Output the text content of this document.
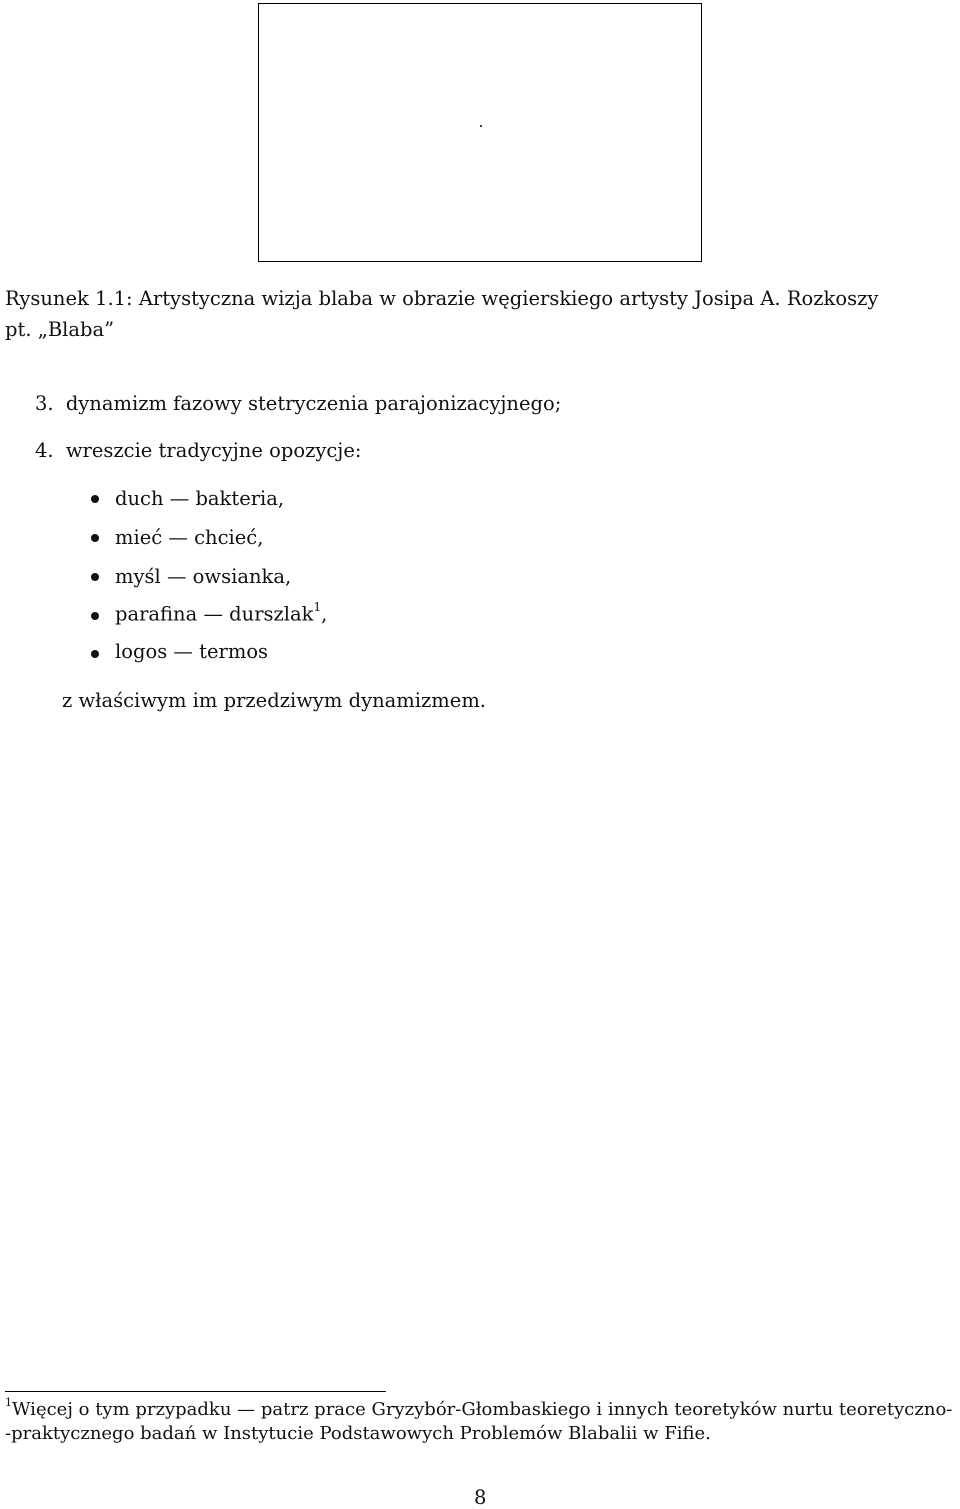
Rysunek 1.1: Artystyczna wizja blaba w obrazie węgierskiego artysty Josipa A. Rozkoszy
pt. „Blaba”
3. dynamizm fazowy stetryczenia parajonizacyjnego;
4. wreszcie tradycyjne opozycje:
duch — bakteria,
mieć — chcieć,
myśl — owsianka,
parafina — durszlak$^1$,
logos — termos
z właściwym im przedziwym dynamizmem.
$^1$Więcej o tym przypadku — patrz prace Gryzybór-Głombaskiego i innych teoretyków nurtu teoretyczno-
-praktycznego badań w Instytucie Podstawowych Problemów Blabalii w Fifie.
8
